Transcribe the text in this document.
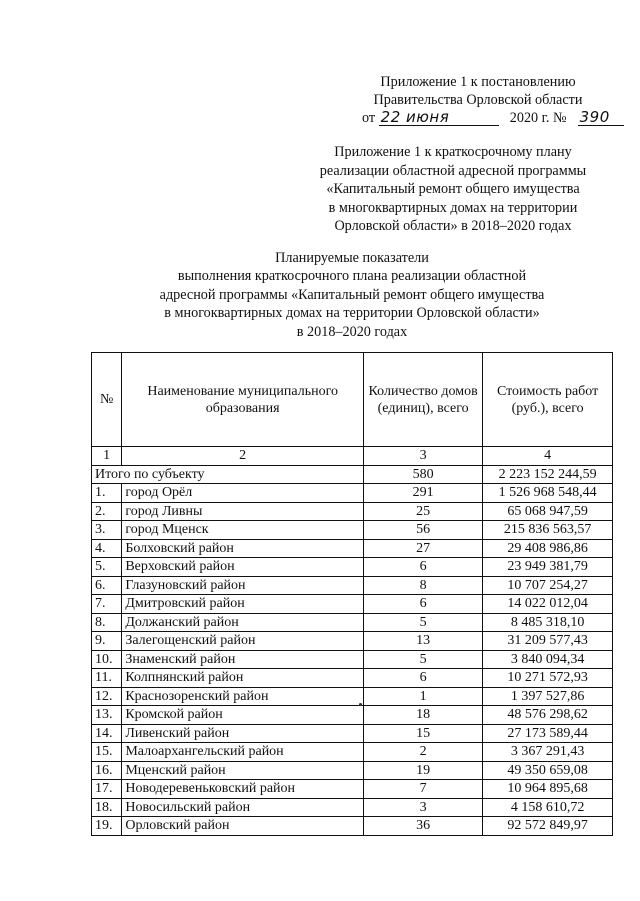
Приложение 1 к постановлению
Правительства Орловской области
от 22 июня	2020 г. № 390
Приложение 1 к краткосрочному плану
реализации областной адресной программы
«Капитальный ремонт общего имущества
в многоквартирных домах на территории
Орловской области» в 2018–2020 годах
Планируемые показатели
выполнения краткосрочного плана реализации областной
адресной программы «Капитальный ремонт общего имущества
в многоквартирных домах на территории Орловской области»
в 2018–2020 годах
№	Наименование муниципального образования	Количество домов (единиц), всего	Стоимость работ (руб.), всего
1	2	3	4
Итого по субъекту		580	2 223 152 244,59
1.	город Орёл	291	1 526 968 548,44
2.	город Ливны	25	65 068 947,59
3.	город Мценск	56	215 836 563,57
4.	Болховский район	27	29 408 986,86
5.	Верховский район	6	23 949 381,79
6.	Глазуновский район	8	10 707 254,27
7.	Дмитровский район	6	14 022 012,04
8.	Должанский район	5	8 485 318,10
9.	Залегощенский район	13	31 209 577,43
10.	Знаменский район	5	3 840 094,34
11.	Колпнянский район	6	10 271 572,93
12.	Краснозоренский район	1	1 397 527,86
13.	Кромской район	18	48 576 298,62
14.	Ливенский район	15	27 173 589,44
15.	Малоархангельский район	2	3 367 291,43
16.	Мценский район	19	49 350 659,08
17.	Новодеревеньковский район	7	10 964 895,68
18.	Новосильский район	3	4 158 610,72
19.	Орловский район	36	92 572 849,97
